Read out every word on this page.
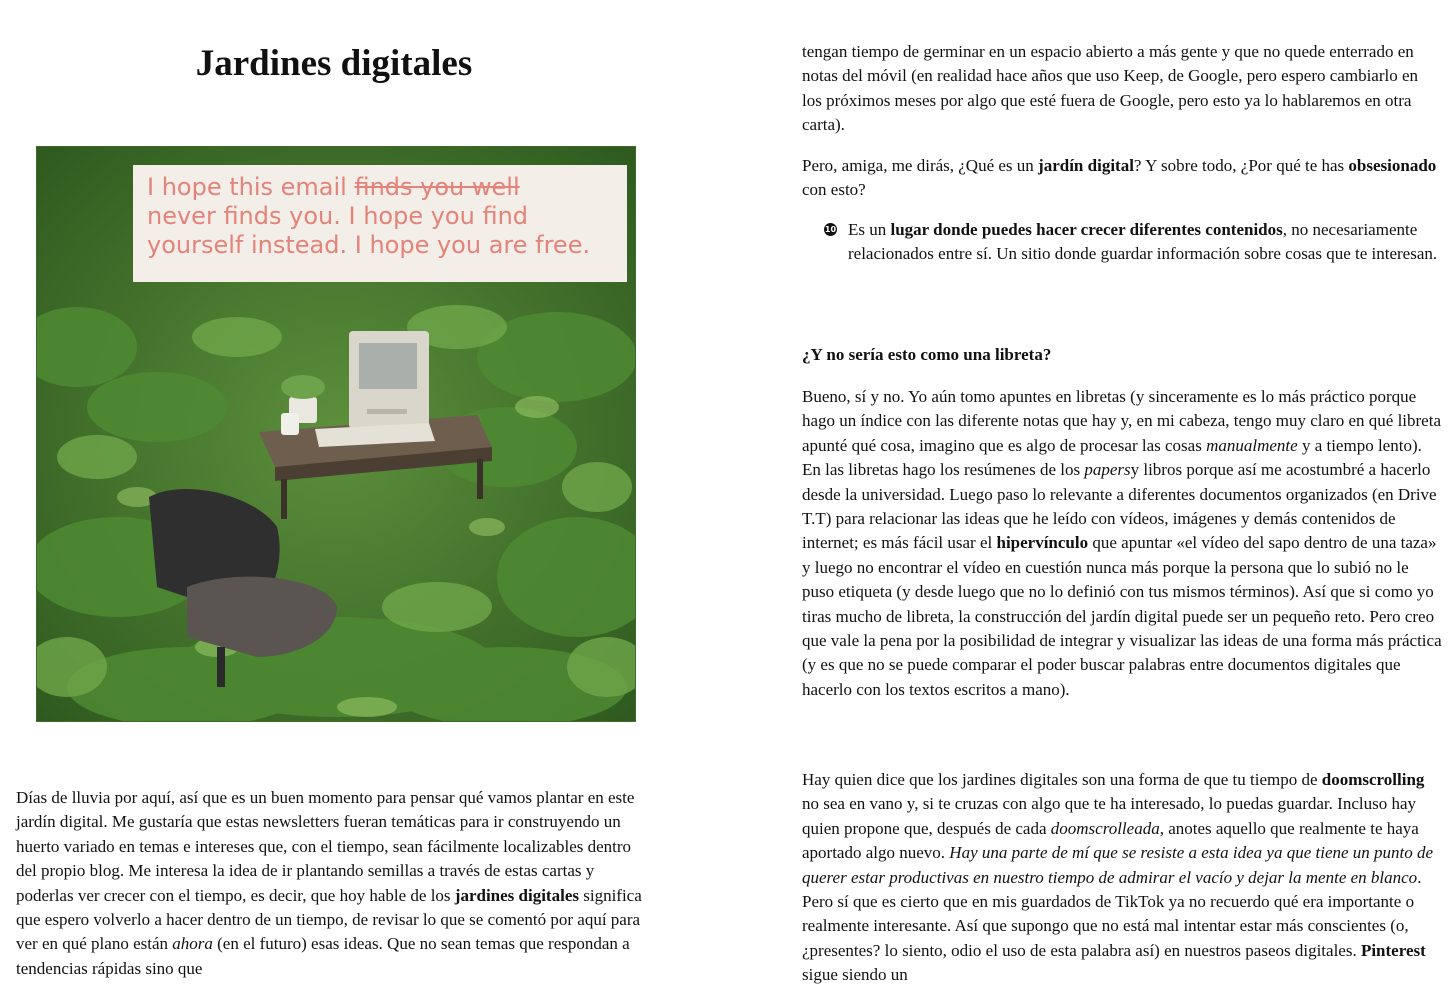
Jardines digitales
I hope this email finds you well
never finds you. I hope you find
yourself instead. I hope you are free.

Días de lluvia por aquí, así que es un buen momento para pensar qué vamos plantar en este jardín digital. Me gustaría que estas newsletters fueran temáticas para ir construyendo un huerto variado en temas e intereses que, con el tiempo, sean fácilmente localizables dentro del propio blog. Me interesa la idea de ir plantando semillas a través de estas cartas y poderlas ver crecer con el tiempo, es decir, que hoy hable de los jardines digitales significa que espero volverlo a hacer dentro de un tiempo, de revisar lo que se comentó por aquí para ver en qué plano están ahora (en el futuro) esas ideas. Que no sean temas que respondan a tendencias rápidas sino que

tengan tiempo de germinar en un espacio abierto a más gente y que no quede enterrado en notas del móvil (en realidad hace años que uso Keep, de Google, pero espero cambiarlo en los próximos meses por algo que esté fuera de Google, pero esto ya lo hablaremos en otra carta).

Pero, amiga, me dirás, ¿Qué es un jardín digital? Y sobre todo, ¿Por qué te has obsesionado con esto?

10 Es un lugar donde puedes hacer crecer diferentes contenidos, no necesariamente relacionados entre sí. Un sitio donde guardar información sobre cosas que te interesan.

¿Y no sería esto como una libreta?

Bueno, sí y no. Yo aún tomo apuntes en libretas (y sinceramente es lo más práctico porque hago un índice con las diferente notas que hay y, en mi cabeza, tengo muy claro en qué libreta apunté qué cosa, imagino que es algo de procesar las cosas manualmente y a tiempo lento). En las libretas hago los resúmenes de los papersy libros porque así me acostumbré a hacerlo desde la universidad. Luego paso lo relevante a diferentes documentos organizados (en Drive T.T) para relacionar las ideas que he leído con vídeos, imágenes y demás contenidos de internet; es más fácil usar el hipervínculo que apuntar «el vídeo del sapo dentro de una taza» y luego no encontrar el vídeo en cuestión nunca más porque la persona que lo subió no le puso etiqueta (y desde luego que no lo definió con tus mismos términos). Así que si como yo tiras mucho de libreta, la construcción del jardín digital puede ser un pequeño reto. Pero creo que vale la pena por la posibilidad de integrar y visualizar las ideas de una forma más práctica (y es que no se puede comparar el poder buscar palabras entre documentos digitales que hacerlo con los textos escritos a mano).

Hay quien dice que los jardines digitales son una forma de que tu tiempo de doomscrolling no sea en vano y, si te cruzas con algo que te ha interesado, lo puedas guardar. Incluso hay quien propone que, después de cada doomscrolleada, anotes aquello que realmente te haya aportado algo nuevo. Hay una parte de mí que se resiste a esta idea ya que tiene un punto de querer estar productivas en nuestro tiempo de admirar el vacío y dejar la mente en blanco. Pero sí que es cierto que en mis guardados de TikTok ya no recuerdo qué era importante o realmente interesante. Así que supongo que no está mal intentar estar más conscientes (o, ¿presentes? lo siento, odio el uso de esta palabra así) en nuestros paseos digitales. Pinterest sigue siendo un
